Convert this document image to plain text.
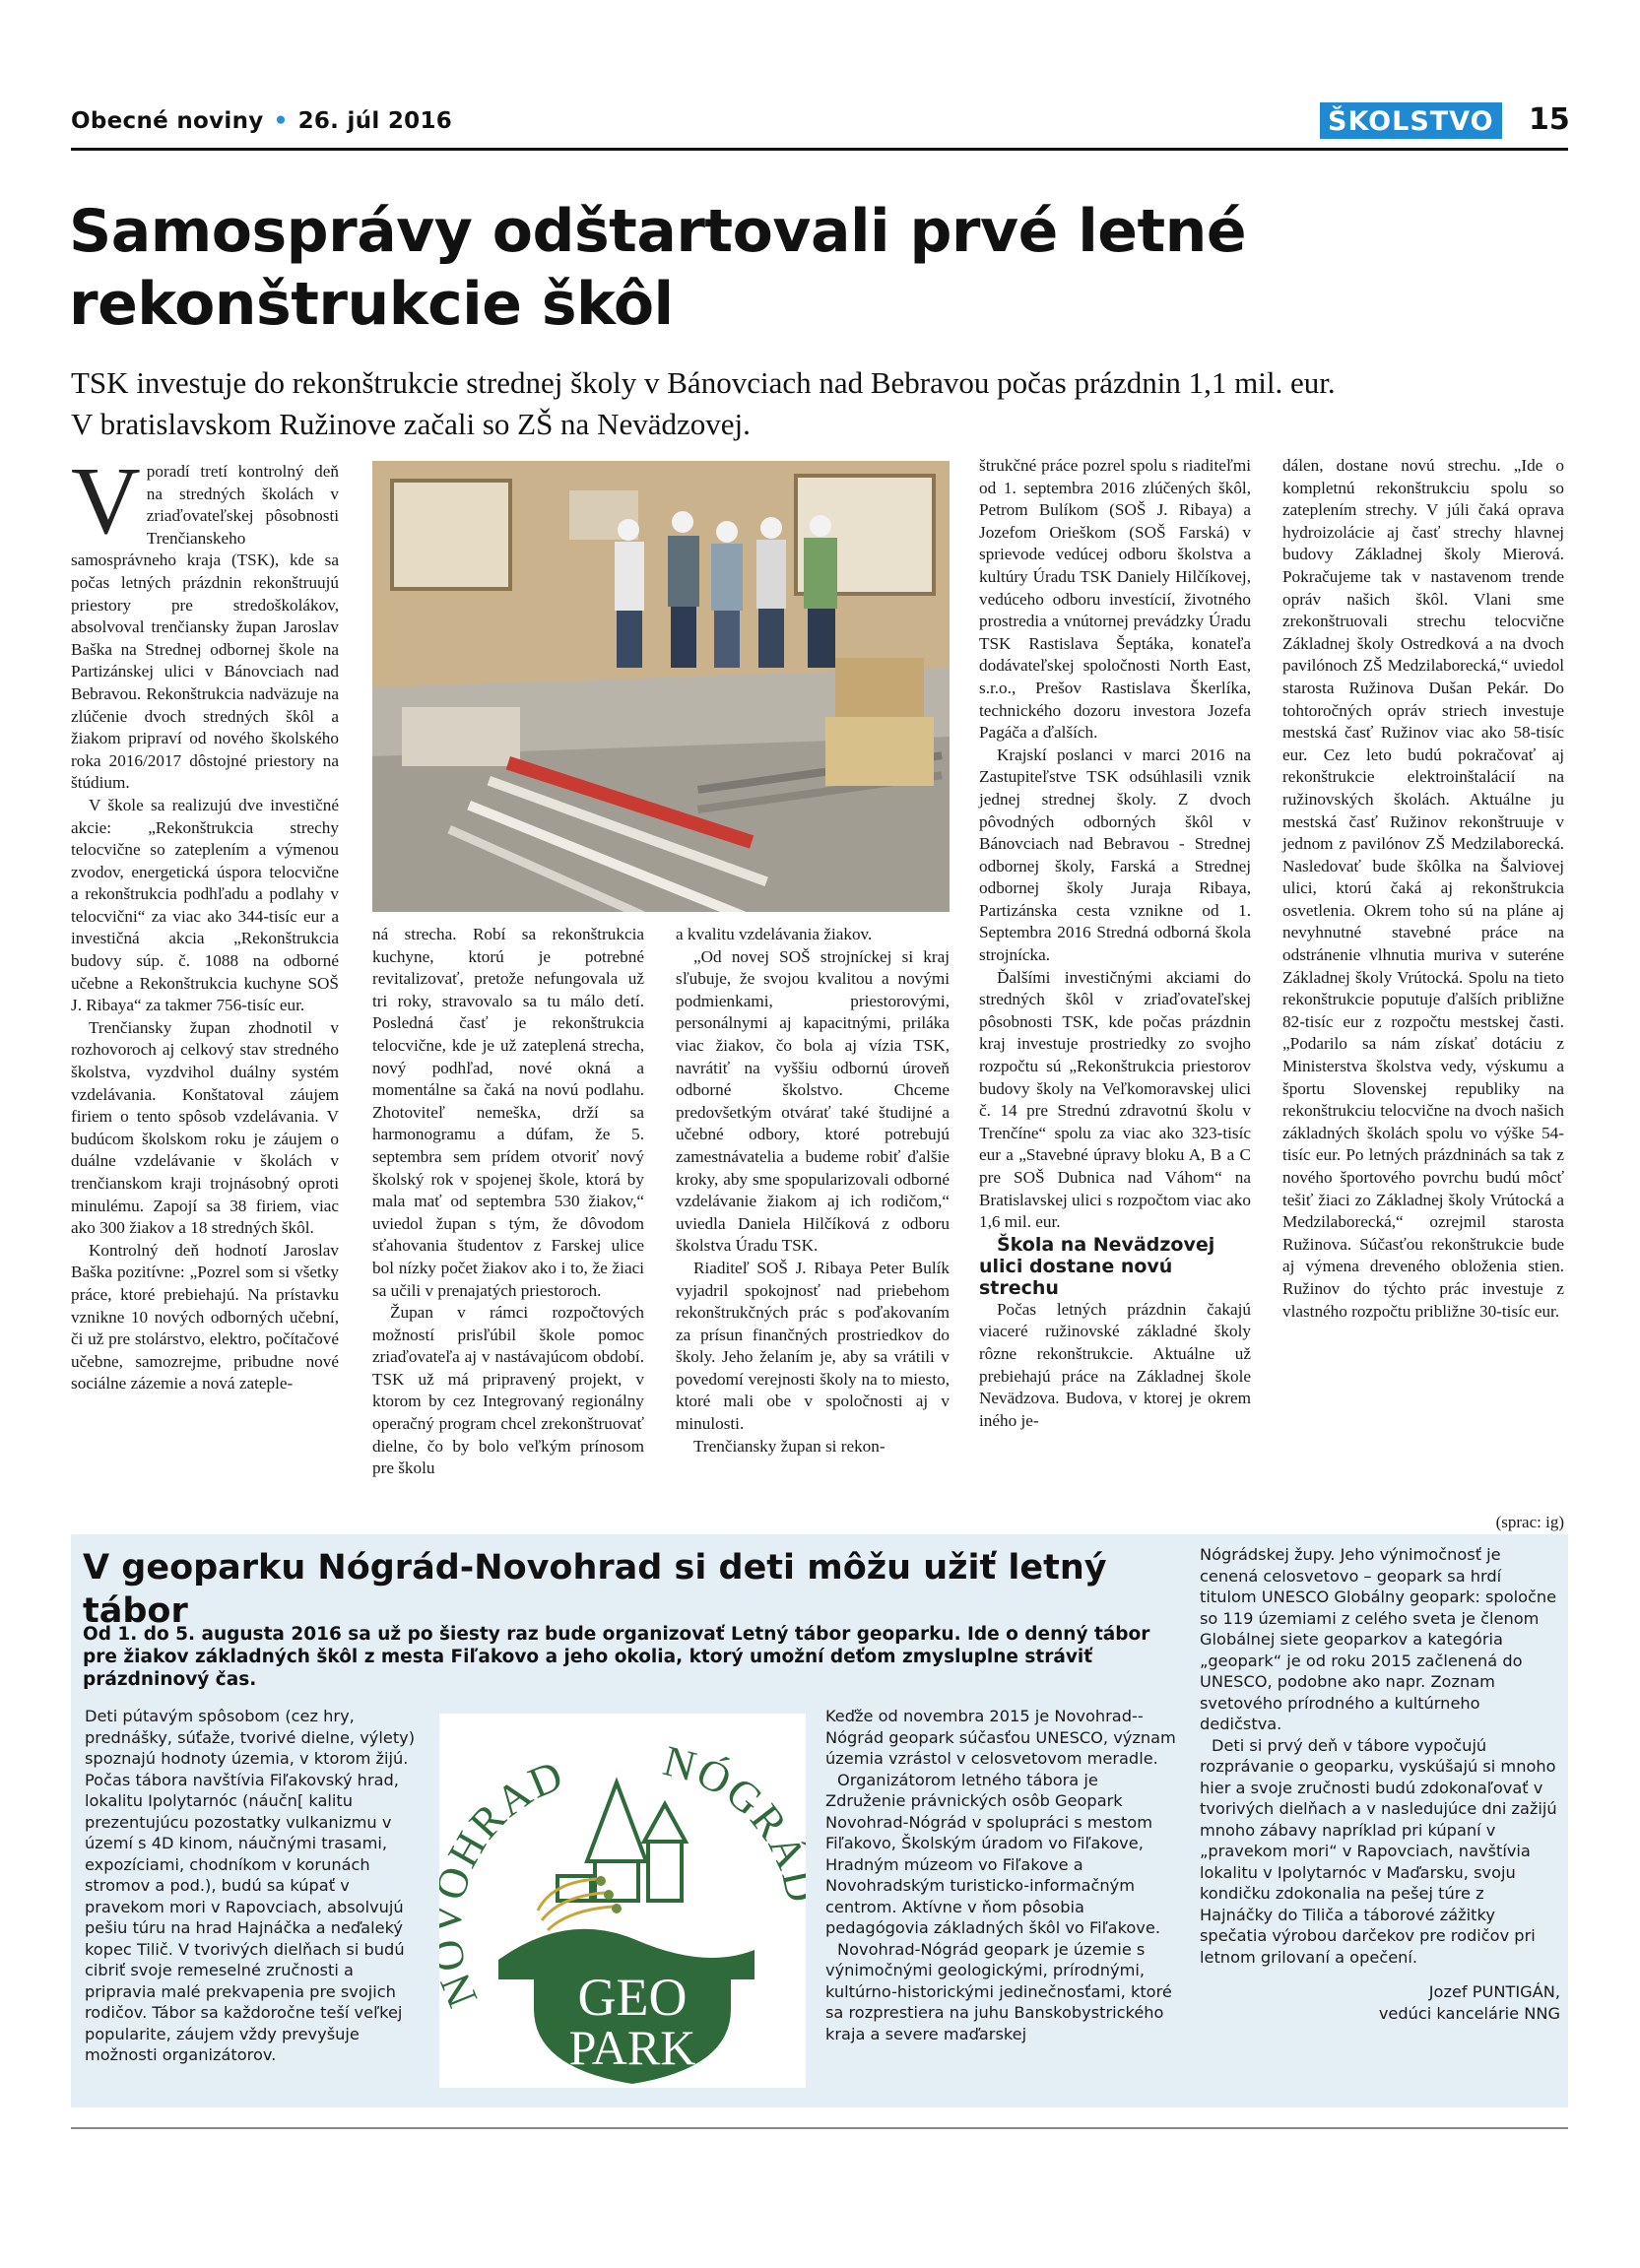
Obecné noviny • 26. júl 2016	ŠKOLSTVO 15
Samosprávy odštartovali prvé letné
rekonštrukcie škôl
TSK investuje do rekonštrukcie strednej školy v Bánovciach nad Bebravou počas prázdnin 1,1 mil. eur.
V bratislavskom Ružinove začali so ZŠ na Nevädzovej.

Vporadí tretí kontrolný deň na stredných školách v zriaďovateľskej pôsobnosti Trenčianskeho samosprávneho kraja (TSK), kde sa počas letných prázdnin rekonštruujú priestory pre stredoškolákov, absolvoval trenčiansky župan Jaroslav Baška na Strednej odbornej škole na Partizánskej ulici v Bánovciach nad Bebravou. Rekonštrukcia nadväzuje na zlúčenie dvoch stredných škôl a žiakom pripraví od nového školského roka 2016/2017 dôstojné priestory na štúdium.

V škole sa realizujú dve investičné akcie: „Rekonštrukcia strechy telocvične so zateplením a výmenou zvodov, energetická úspora telocvične a rekonštrukcia podhľadu a podlahy v telocvični“ za viac ako 344-tisíc eur a investičná akcia „Rekonštrukcia budovy súp. č. 1088 na odborné učebne a Rekonštrukcia kuchyne SOŠ J. Ribaya“ za takmer 756-tisíc eur.

Trenčiansky župan zhodnotil v rozhovoroch aj celkový stav stredného školstva, vyzdvihol duálny systém vzdelávania. Konštatoval záujem firiem o tento spôsob vzdelávania. V budúcom školskom roku je záujem o duálne vzdelávanie v školách v trenčianskom kraji trojnásobný oproti minulému. Zapojí sa 38 firiem, viac ako 300 žiakov a 18 stredných škôl.

Kontrolný deň hodnotí Jaroslav Baška pozitívne: „Pozrel som si všetky práce, ktoré prebiehajú. Na prístavku vznikne 10 nových odborných učební, či už pre stolárstvo, elektro, počítačové učebne, samozrejme, pribudne nové sociálne zázemie a nová zateple-

ná strecha. Robí sa rekonštrukcia kuchyne, ktorú je potrebné revitalizovať, pretože nefungovala už tri roky, stravovalo sa tu málo detí. Posledná časť je rekonštrukcia telocvične, kde je už zateplená strecha, nový podhľad, nové okná a momentálne sa čaká na novú podlahu. Zhotoviteľ nemeškᴀ, drží sa harmonogramu a dúfam, že 5. septembra sem prídem otvoriť nový školský rok v spojenej škole, ktorá by mala mať od septembra 530 žiakov,“ uviedol župan s tým, že dôvodom sťahovania študentov z Farskej ulice bol nízky počet žiakov ako i to, že žiaci sa učili v prenajatých priestoroch.

Župan v rámci rozpočtových možností prisľúbil škole pomoc zriaďovateľa aj v nastávajúcom období. TSK už má pripravený projekt, v ktorom by cez Integrovaný regionálny operačný program chcel zrekonštruovať dielne, čo by bolo veľkým prínosom pre školu

a kvalitu vzdelávania žiakov.

„Od novej SOŠ strojníckej si kraj sľubuje, že svojou kvalitou a novými podmienkami, priestorovými, personálnymi aj kapacitnými, priláka viac žiakov, čo bola aj vízia TSK, navrátiť na vyššiu odbornú úroveň odborné školstvo. Chceme predovšetkým otvárať také študijné a učebné odbory, ktoré potrebujú zamestnávatelia a budeme robiť ďalšie kroky, aby sme spopularizovali odborné vzdelávanie žiakom aj ich rodičom,“ uviedla Daniela Hilčíková z odboru školstva Úradu TSK.

Riaditeľ SOŠ J. Ribaya Peter Bulík vyjadril spokojnosť nad priebehom rekonštrukčných prác s poďakovaním za prísun finančných prostriedkov do školy. Jeho želaním je, aby sa vrátili v povedomí verejnosti školy na to miesto, ktoré mali obe v spoločnosti aj v minulosti.

Trenčiansky župan si rekon-

štrukčné práce pozrel spolu s riaditeľmi od 1. septembra 2016 zlúčených škôl, Petrom Bulíkom (SOŠ J. Ribaya) a Jozefom Orieškom (SOŠ Farská) v sprievode vedúcej odboru školstva a kultúry Úradu TSK Daniely Hilčíkovej, vedúceho odboru investícií, životného prostredia a vnútornej prevádzky Úradu TSK Rastislava Šeptáka, konateľa dodávateľskej spoločnosti North East, s.r.o., Prešov Rastislava Škerlíka, technického dozoru investora Jozefa Pagáča a ďalších.

Krajskí poslanci v marci 2016 na Zastupiteľstve TSK odsúhlasili vznik jednej strednej školy. Z dvoch pôvodných odborných škôl v Bánovciach nad Bebravou - Strednej odbornej školy, Farská a Strednej odbornej školy Juraja Ribaya, Partizánska cesta vznikne od 1. Septembra 2016 Stredná odborná škola strojnícka.

Ďalšími investičnými akciami do stredných škôl v zriaďovateľskej pôsobnosti TSK, kde počas prázdnin kraj investuje prostriedky zo svojho rozpočtu sú „Rekonštrukcia priestorov budovy školy na Veľkomoravskej ulici č. 14 pre Strednú zdravotnú školu v Trenčíne“ spolu za viac ako 323-tisíc eur a „Stavebné úpravy bloku A, B a C pre SOŠ Dubnica nad Váhom“ na Bratislavskej ulici s rozpočtom viac ako 1,6 mil. eur.

Škola na Nevädzovej ulici dostane novú strechu

Počas letných prázdnin čakajú viaceré ružinovské základné školy rôzne rekonštrukcie. Aktuálne už prebiehajú práce na Základnej škole Nevädzova. Budova, v ktorej je okrem iného je-

dálen, dostane novú strechu. „Ide o kompletnú rekonštrukciu spolu so zateplením strechy. V júli čaká oprava hydroizolácie aj časť strechy hlavnej budovy Základnej školy Mierová. Pokračujeme tak v nastavenom trende opráv našich škôl. Vlani sme zrekonštruovali strechu telocvične Základnej školy Ostredková a na dvoch pavilónoch ZŠ Medzilaborecká,“ uviedol starosta Ružinova Dušan Pekár. Do tohtoročných opráv striech investuje mestská časť Ružinov viac ako 58-tisíc eur. Cez leto budú pokračovať aj rekonštrukcie elektroinštalácií na ružinovských školách. Aktuálne ju mestská časť Ružinov rekonštruuje v jednom z pavilónov ZŠ Medzilaborecká. Nasledovať bude škôlka na Šalviovej ulici, ktorú čaká aj rekonštrukcia osvetlenia. Okrem toho sú na pláne aj nevyhnutné stavebné práce na odstránenie vlhnutia muriva v suteréne Základnej školy Vrútocká. Spolu na tieto rekonštrukcie poputuje ďalších približne 82-tisíc eur z rozpočtu mestskej časti.„Podarilo sa nám získať dotáciu z Ministerstva školstva vedy, výskumu a športu Slovenskej republiky na rekonštrukciu telocvične na dvoch našich základných školách spolu vo výške 54- tisíc eur. Po letných prázdninách sa tak z nového športového povrchu budú môcť tešiť žiaci zo Základnej školy Vrútocká a Medzilaborecká,“ ozrejmil starosta Ružinova. Súčasťou rekonštrukcie bude aj výmena dreveného obloženia stien. Ružinov do týchto prác investuje z vlastného rozpočtu približne 30-tisíc eur.

(sprac: ig)
V geoparku Nógrád-Novohrad si deti môžu užiť letný tábor
Od 1. do 5. augusta 2016 sa už po šiesty raz bude organizovať Letný tábor geoparku. Ide o denný tábor pre žiakov základných škôl z mesta Fiľakovo a jeho okolia, ktorý umožní deťom zmysluplne stráviť prázdninový čas.

Deti pútavým spôsobom (cez hry, prednášky, súťaže, tvorivé dielne, výlety) spoznajú hodnoty územia, v ktorom žijú. Počas tábora navštívia Fiľakovský hrad, lokalitu Ipolytarnóc (náučn[ kalitu prezentujúcu pozostatky vulkanizmu v území s 4D kinom, náučnými trasami, expozíciami, chodníkom v korunách stromov a pod.), budú sa kúpať v pravekom mori v Rapovciach, absolvujú pešiu túru na hrad Hajnáčka a neďaleký kopec Tilič. V tvorivých dielňach si budú cibriť svoje remeselné zručnosti a pripravia malé prekvapenia pre svojich rodičov. Tábor sa každoročne teší veľkej popularite, záujem vždy prevyšuje možnosti organizátorov.

HRAD NÓGR
GEO
PARK

Keďže od novembra 2015 je Novohrad--Nógrád geopark súčasťou UNESCO, význam územia vzrástol v celosvetovom meradle.

Organizátorom letného tábora je Združenie právnických osôb Geopark Novohrad-Nógrád v spolupráci s mestom Fiľakovo, Školským úradom vo Fiľakove, Hradným múzeom vo Fiľakove a Novohradským turisticko-informačným centrom. Aktívne v ňom pôsobia pedagógovia základných škôl vo Fiľakove.

Novohrad-Nógrád geopark je územie s výnimočnými geologickými, prírodnými, kultúrno-historickými jedinečnosťami, ktoré sa rozprestiera na juhu Banskobystrického kraja a severe maďarskej

Nógrádskej župy. Jeho výnimočnosť je cenená celosvetovo – geopark sa hrdí titulom UNESCO Globálny geopark: spoločne so 119 územiami z celého sveta je členom Globálnej siete geoparkov a kategória „geopark“ je od roku 2015 začlenená do UNESCO, podobne ako napr. Zoznam svetového prírodného a kultúrneho dedičstva.

Deti si prvý deň v tábore vypočujú rozprávanie o geoparku, vyskúšajú si mnoho hier a svoje zručnosti budú zdokonaľovať v tvorivých dielňach a v nasledujúce dni zažijú mnoho zábavy napríklad pri kúpaní v „pravekom mori“ v Rapovciach, navštívia lokalitu v Ipolytarnóc v Maďarsku, svoju kondičku zdokonalia na pešej túre z Hajnáčky do Tiliča a táborové zážitky spečatia výrobou darčekov pre rodičov pri letnom grilovaní a opečení.

Jozef PUNTIGÁN,
vedúci kancelárie NNG
